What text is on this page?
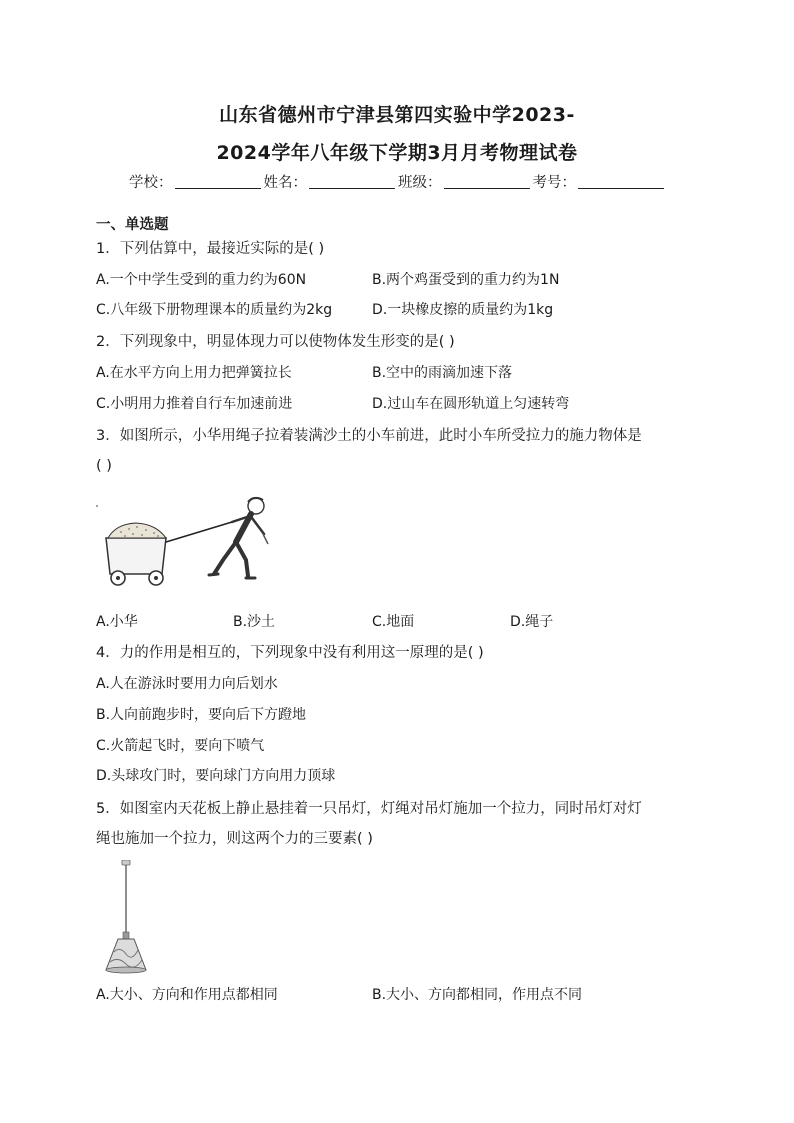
山东省德州市宁津县第四实验中学2023-
2024学年八年级下学期3月月考物理试卷
学校：	姓名：	班级：	考号：
一、单选题
1．下列估算中，最接近实际的是( )
A.一个中学生受到的重力约为60N	B.两个鸡蛋受到的重力约为1N
C.八年级下册物理课本的质量约为2kg	D.一块橡皮擦的质量约为1kg
2．下列现象中，明显体现力可以使物体发生形变的是( )
A.在水平方向上用力把弹簧拉长	B.空中的雨滴加速下落
C.小明用力推着自行车加速前进	D.过山车在圆形轨道上匀速转弯
3．如图所示，小华用绳子拉着装满沙土的小车前进，此时小车所受拉力的施力物体是
( )
A.小华	B.沙土	C.地面	D.绳子
4．力的作用是相互的，下列现象中没有利用这一原理的是( )
A.人在游泳时要用力向后划水
B.人向前跑步时，要向后下方蹬地
C.火箭起飞时，要向下喷气
D.头球攻门时，要向球门方向用力顶球
5．如图室内天花板上静止悬挂着一只吊灯，灯绳对吊灯施加一个拉力，同时吊灯对灯
绳也施加一个拉力，则这两个力的三要素( )
A.大小、方向和作用点都相同	B.大小、方向都相同，作用点不同
